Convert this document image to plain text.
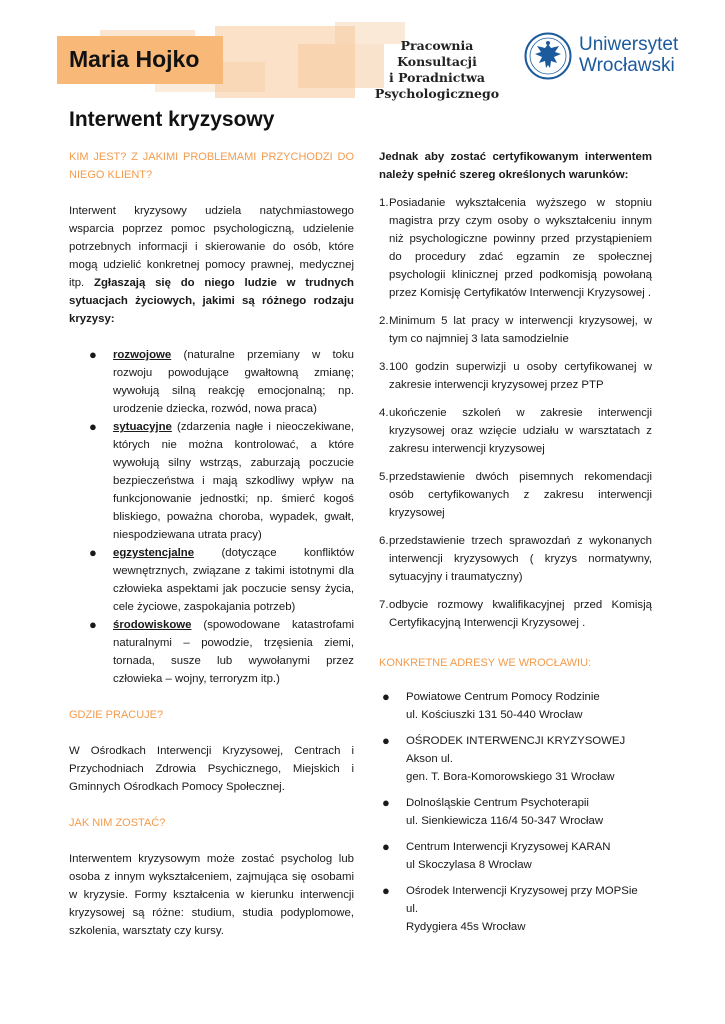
Maria Hojko
Pracownia Konsultacji
i Poradnictwa
Psychologicznego
Uniwersytet
Wrocławski
Interwent kryzysowy

KIM JEST? Z JAKIMI PROBLEMAMI PRZYCHODZI DO NIEGO KLIENT?

Interwent kryzysowy udziela natychmiastowego wsparcia poprzez pomoc psychologiczną, udzielenie potrzebnych informacji i skierowanie do osób, które mogą udzielić konkretnej pomocy prawnej, medycznej itp. Zgłaszają się do niego ludzie w trudnych sytuacjach życiowych, jakimi są różnego rodzaju kryzysy:

● rozwojowe (naturalne przemiany w toku rozwoju powodujące gwałtowną zmianę; wywołują silną reakcję emocjonalną; np. urodzenie dziecka, rozwód, nowa praca)
● sytuacyjne (zdarzenia nagłe i nieoczekiwane, których nie można kontrolować, a które wywołują silny wstrząs, zaburzają poczucie bezpieczeństwa i mają szkodliwy wpływ na funkcjonowanie jednostki; np. śmierć kogoś bliskiego, poważna choroba, wypadek, gwałt, niespodziewana utrata pracy)
● egzystencjalne (dotyczące konfliktów wewnętrznych, związane z takimi istotnymi dla człowieka aspektami jak poczucie sensy życia, cele życiowe, zaspokajania potrzeb)
● środowiskowe (spowodowane katastrofami naturalnymi – powodzie, trzęsienia ziemi, tornada, susze lub wywołanymi przez człowieka – wojny, terroryzm itp.)

GDZIE PRACUJE?

W Ośrodkach Interwencji Kryzysowej, Centrach i Przychodniach Zdrowia Psychicznego, Miejskich i Gminnych Ośrodkach Pomocy Społecznej.

JAK NIM ZOSTAĆ?

Interwentem kryzysowym może zostać psycholog lub osoba z innym wykształceniem, zajmująca się osobami w kryzysie. Formy kształcenia w kierunku interwencji kryzysowej są różne: studium, studia podyplomowe, szkolenia, warsztaty czy kursy.

Jednak aby zostać certyfikowanym interwentem należy spełnić szereg określonych warunków:

1. Posiadanie wykształcenia wyższego w stopniu magistra przy czym osoby o wykształceniu innym niż psychologiczne powinny przed przystąpieniem do procedury zdać egzamin ze społecznej psychologii klinicznej przed podkomisją powołaną przez Komisję Certyfikatów Interwencji Kryzysowej .
2. Minimum 5 lat pracy w interwencji kryzysowej, w tym co najmniej 3 lata samodzielnie
3. 100 godzin superwizji u osoby certyfikowanej w zakresie interwencji kryzysowej przez PTP
4. ukończenie szkoleń w zakresie interwencji kryzysowej oraz wzięcie udziału w warsztatach z zakresu interwencji kryzysowej
5. przedstawienie dwóch pisemnych rekomendacji osób certyfikowanych z zakresu interwencji kryzysowej
6. przedstawienie trzech sprawozdań z wykonanych interwencji kryzysowych ( kryzys normatywny, sytuacyjny i traumatyczny)
7. odbycie rozmowy kwalifikacyjnej przed Komisją Certyfikacyjną Interwencji Kryzysowej .

KONKRETNE ADRESY WE WROCŁAWIU:

● Powiatowe Centrum Pomocy Rodzinie
ul. Kościuszki 131 50-440 Wrocław
● OŚRODEK INTERWENCJI KRYZYSOWEJ Akson ul.
gen. T. Bora-Komorowskiego 31 Wrocław
● Dolnośląskie Centrum Psychoterapii
ul. Sienkiewicza 116/4 50-347 Wrocław
● Centrum Interwencji Kryzysowej KARAN
ul Skoczylasa 8 Wrocław
● Ośrodek Interwencji Kryzysowej przy MOPSie ul.
Rydygiera 45s Wrocław
